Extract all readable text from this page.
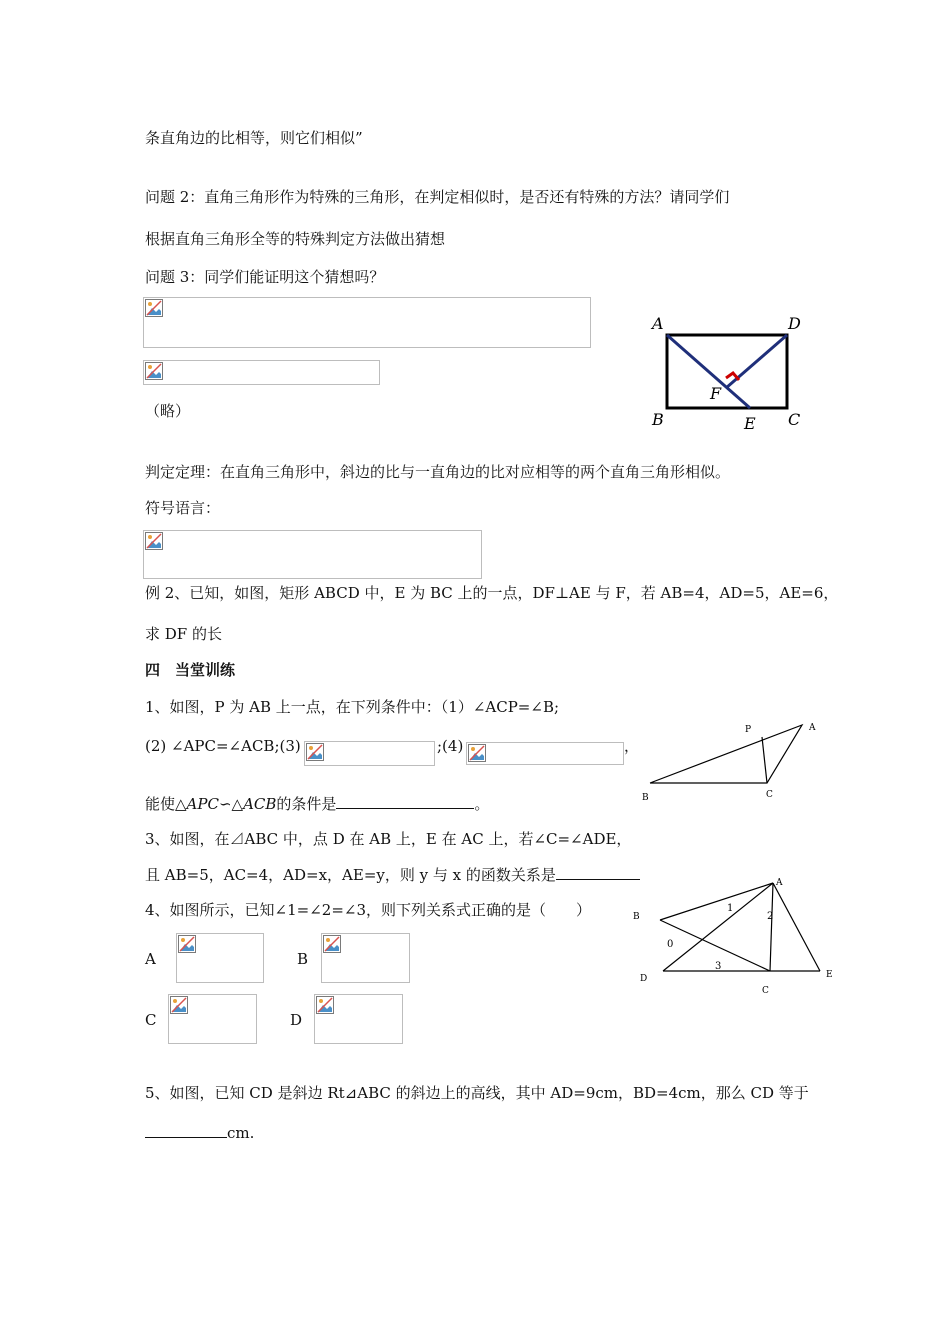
条直角边的比相等，则它们相似”
问题 2：直角三角形作为特殊的三角形，在判定相似时，是否还有特殊的方法？请同学们
根据直角三角形全等的特殊判定方法做出猜想
问题 3：同学们能证明这个猜想吗？
（略）
A	D
B	C
E
F
判定定理：在直角三角形中，斜边的比与一直角边的比对应相等的两个直角三角形相似。
符号语言：
例 2、已知，如图，矩形 ABCD 中，E 为 BC 上的一点，DF⊥AE 与 F，若 AB=4，AD=5，AE=6，
求 DF 的长
四　当堂训练
1、如图，P 为 AB 上一点，在下列条件中：（1）∠ACP=∠B;
(2) ∠APC=∠ACB;(3)	;(4)	，
能使△APC∽△ACB的条件是	。
P	A
B	C
3、如图，在⊿ABC 中，点 D 在 AB 上，E 在 AC 上，若∠C=∠ADE，
且 AB=5，AC=4，AD=x，AE=y，则 y 与 x 的函数关系是
4、如图所示，已知∠1=∠2=∠3，则下列关系式正确的是（　　）
A
B
D
C
E
1
2
3
0
A	B
C	D
5、如图，已知 CD 是斜边 Rt⊿ABC 的斜边上的高线，其中 AD=9cm，BD=4cm，那么 CD 等于
cm.
